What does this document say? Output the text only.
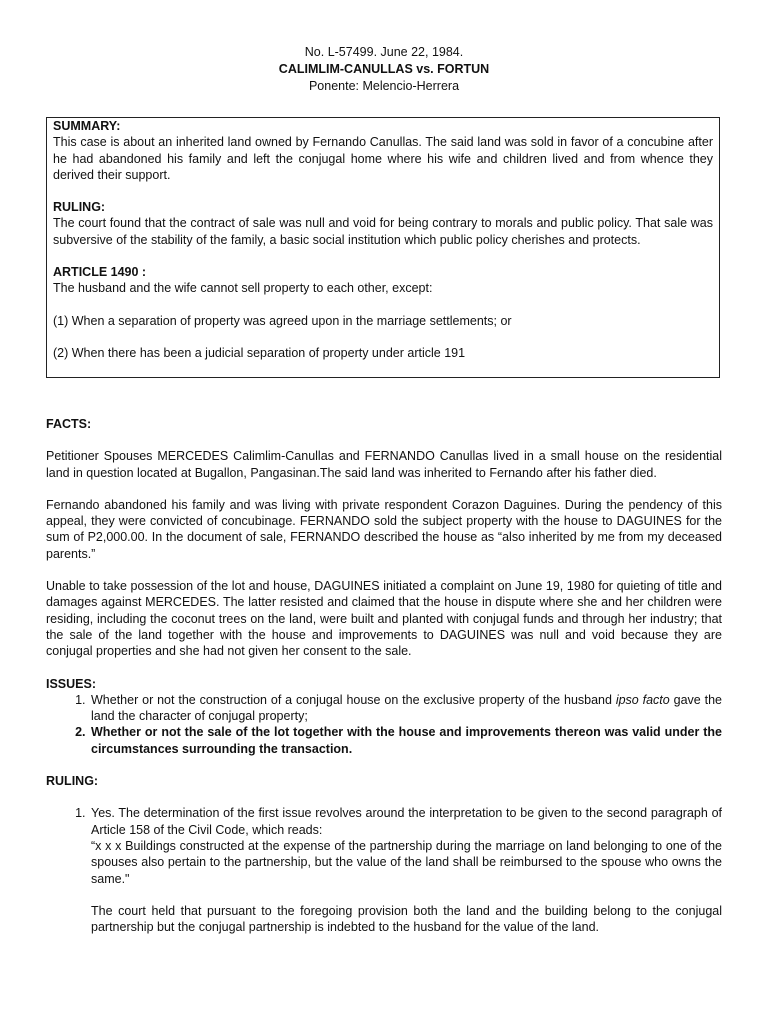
No. L-57499. June 22, 1984.
CALIMLIM-CANULLAS vs. FORTUN
Ponente: Melencio-Herrera
SUMMARY:

This case is about an inherited land owned by Fernando Canullas. The said land was sold in favor of a concubine after he had abandoned his family and left the conjugal home where his wife and children lived and from whence they derived their support.

RULING:

The court found that the contract of sale was null and void for being contrary to morals and public policy. That sale was subversive of the stability of the family, a basic social institution which public policy cherishes and protects.

ARTICLE 1490 :

The husband and the wife cannot sell property to each other, except:

(1) When a separation of property was agreed upon in the marriage settlements; or

(2) When there has been a judicial separation of property under article 191

FACTS:

Petitioner Spouses MERCEDES Calimlim-Canullas and FERNANDO Canullas lived in a small house on the residential land in question located at Bugallon, Pangasinan.The said land was inherited to Fernando after his father died.

Fernando abandoned his family and was living with private respondent Corazon Daguines. During the pendency of this appeal, they were convicted of concubinage. FERNANDO sold the subject property with the house to DAGUINES for the sum of P2,000.00. In the document of sale, FERNANDO described the house as “also inherited by me from my deceased parents.”

Unable to take possession of the lot and house, DAGUINES initiated a complaint on June 19, 1980 for quieting of title and damages against MERCEDES. The latter resisted and claimed that the house in dispute where she and her children were residing, including the coconut trees on the land, were built and planted with conjugal funds and through her industry; that the sale of the land together with the house and improvements to DAGUINES was null and void because they are conjugal properties and she had not given her consent to the sale.

ISSUES:
1. Whether or not the construction of a conjugal house on the exclusive property of the husband ipso facto gave the land the character of conjugal property;
2. Whether or not the sale of the lot together with the house and improvements thereon was valid under the circumstances surrounding the transaction.
RULING:
1. Yes. The determination of the first issue revolves around the interpretation to be given to the second paragraph of Article 158 of the Civil Code, which reads:

“x x x Buildings constructed at the expense of the partnership during the marriage on land belonging to one of the spouses also pertain to the partnership, but the value of the land shall be reimbursed to the spouse who owns the same."

The court held that pursuant to the foregoing provision both the land and the building belong to the conjugal partnership but the conjugal partnership is indebted to the husband for the value of the land.
